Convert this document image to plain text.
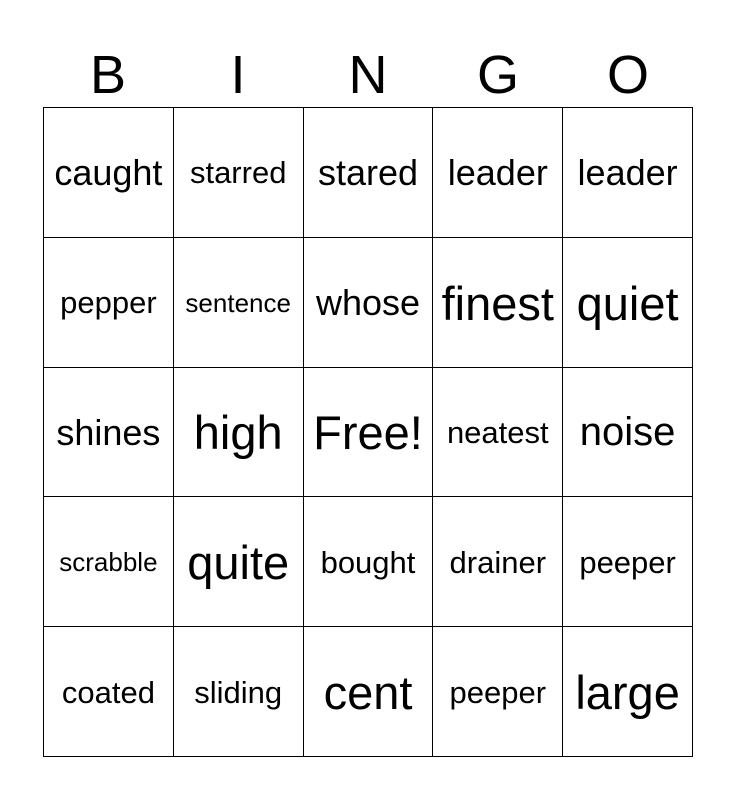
B	I	N	G	O
caught starred stared leader leader
pepper	sentence whose finest quiet
shines high Free! neatest noise
scrabble quite	bought	drainer	peeper
coated	sliding cent	peeper large
